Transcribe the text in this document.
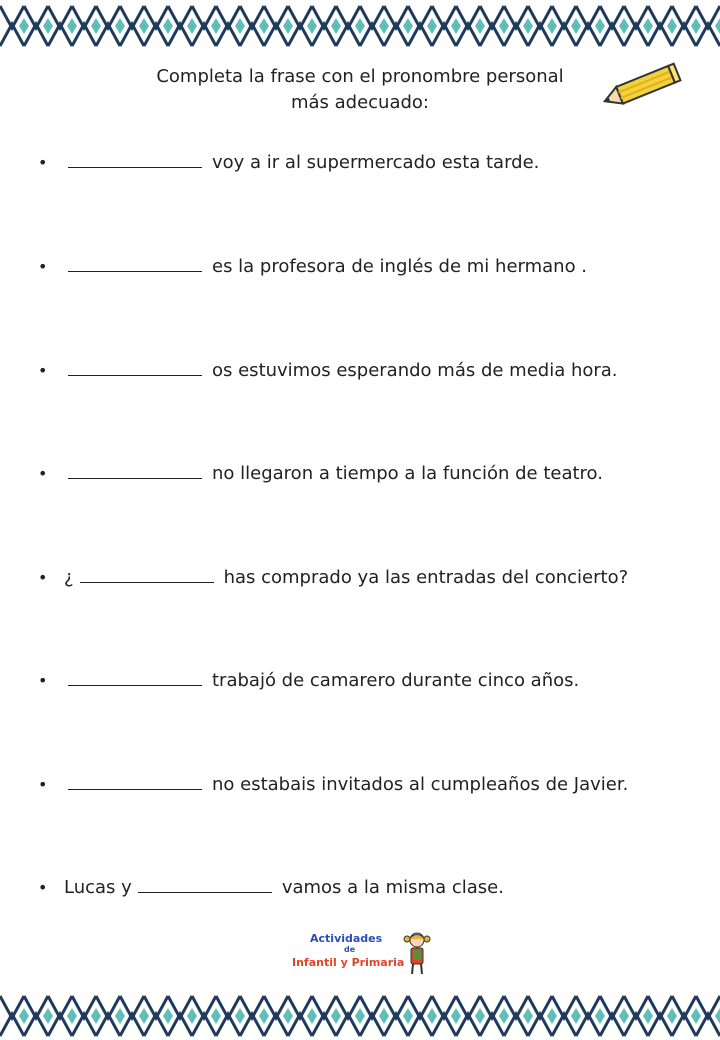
Completa la frase con el pronombre personal
más adecuado:
•	voy a ir al supermercado esta tarde.
•	es la profesora de inglés de mi hermano .
•	os estuvimos esperando más de media hora.
•	no llegaron a tiempo a la función de teatro.
• ¿	has comprado ya las entradas del concierto?
•	trabajó de camarero durante cinco años.
•	no estabais invitados al cumpleaños de Javier.
• Lucas y	vamos a la misma clase.
Actividades
de
Infantil y Primaria
